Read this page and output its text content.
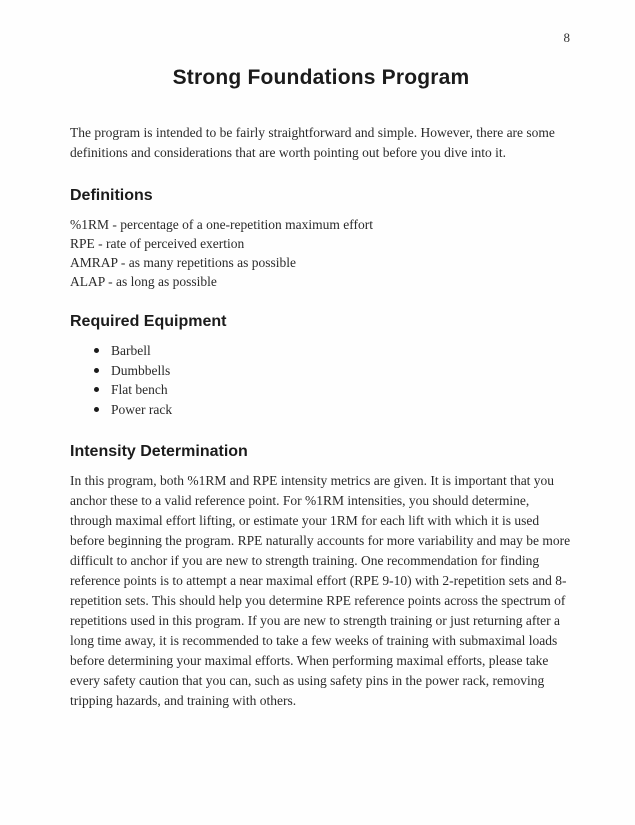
8
Strong Foundations Program

The program is intended to be fairly straightforward and simple. However, there are some definitions and considerations that are worth pointing out before you dive into it.

Definitions
%1RM - percentage of a one-repetition maximum effort
RPE - rate of perceived exertion
AMRAP - as many repetitions as possible
ALAP - as long as possible
Required Equipment
Barbell
Dumbbells
Flat bench
Power rack
Intensity Determination

In this program, both %1RM and RPE intensity metrics are given. It is important that you anchor these to a valid reference point. For %1RM intensities, you should determine, through maximal effort lifting, or estimate your 1RM for each lift with which it is used before beginning the program. RPE naturally accounts for more variability and may be more difficult to anchor if you are new to strength training. One recommendation for finding reference points is to attempt a near maximal effort (RPE 9-10) with 2-repetition sets and 8-repetition sets. This should help you determine RPE reference points across the spectrum of repetitions used in this program. If you are new to strength training or just returning after a long time away, it is recommended to take a few weeks of training with submaximal loads before determining your maximal efforts. When performing maximal efforts, please take every safety caution that you can, such as using safety pins in the power rack, removing tripping hazards, and training with others.
